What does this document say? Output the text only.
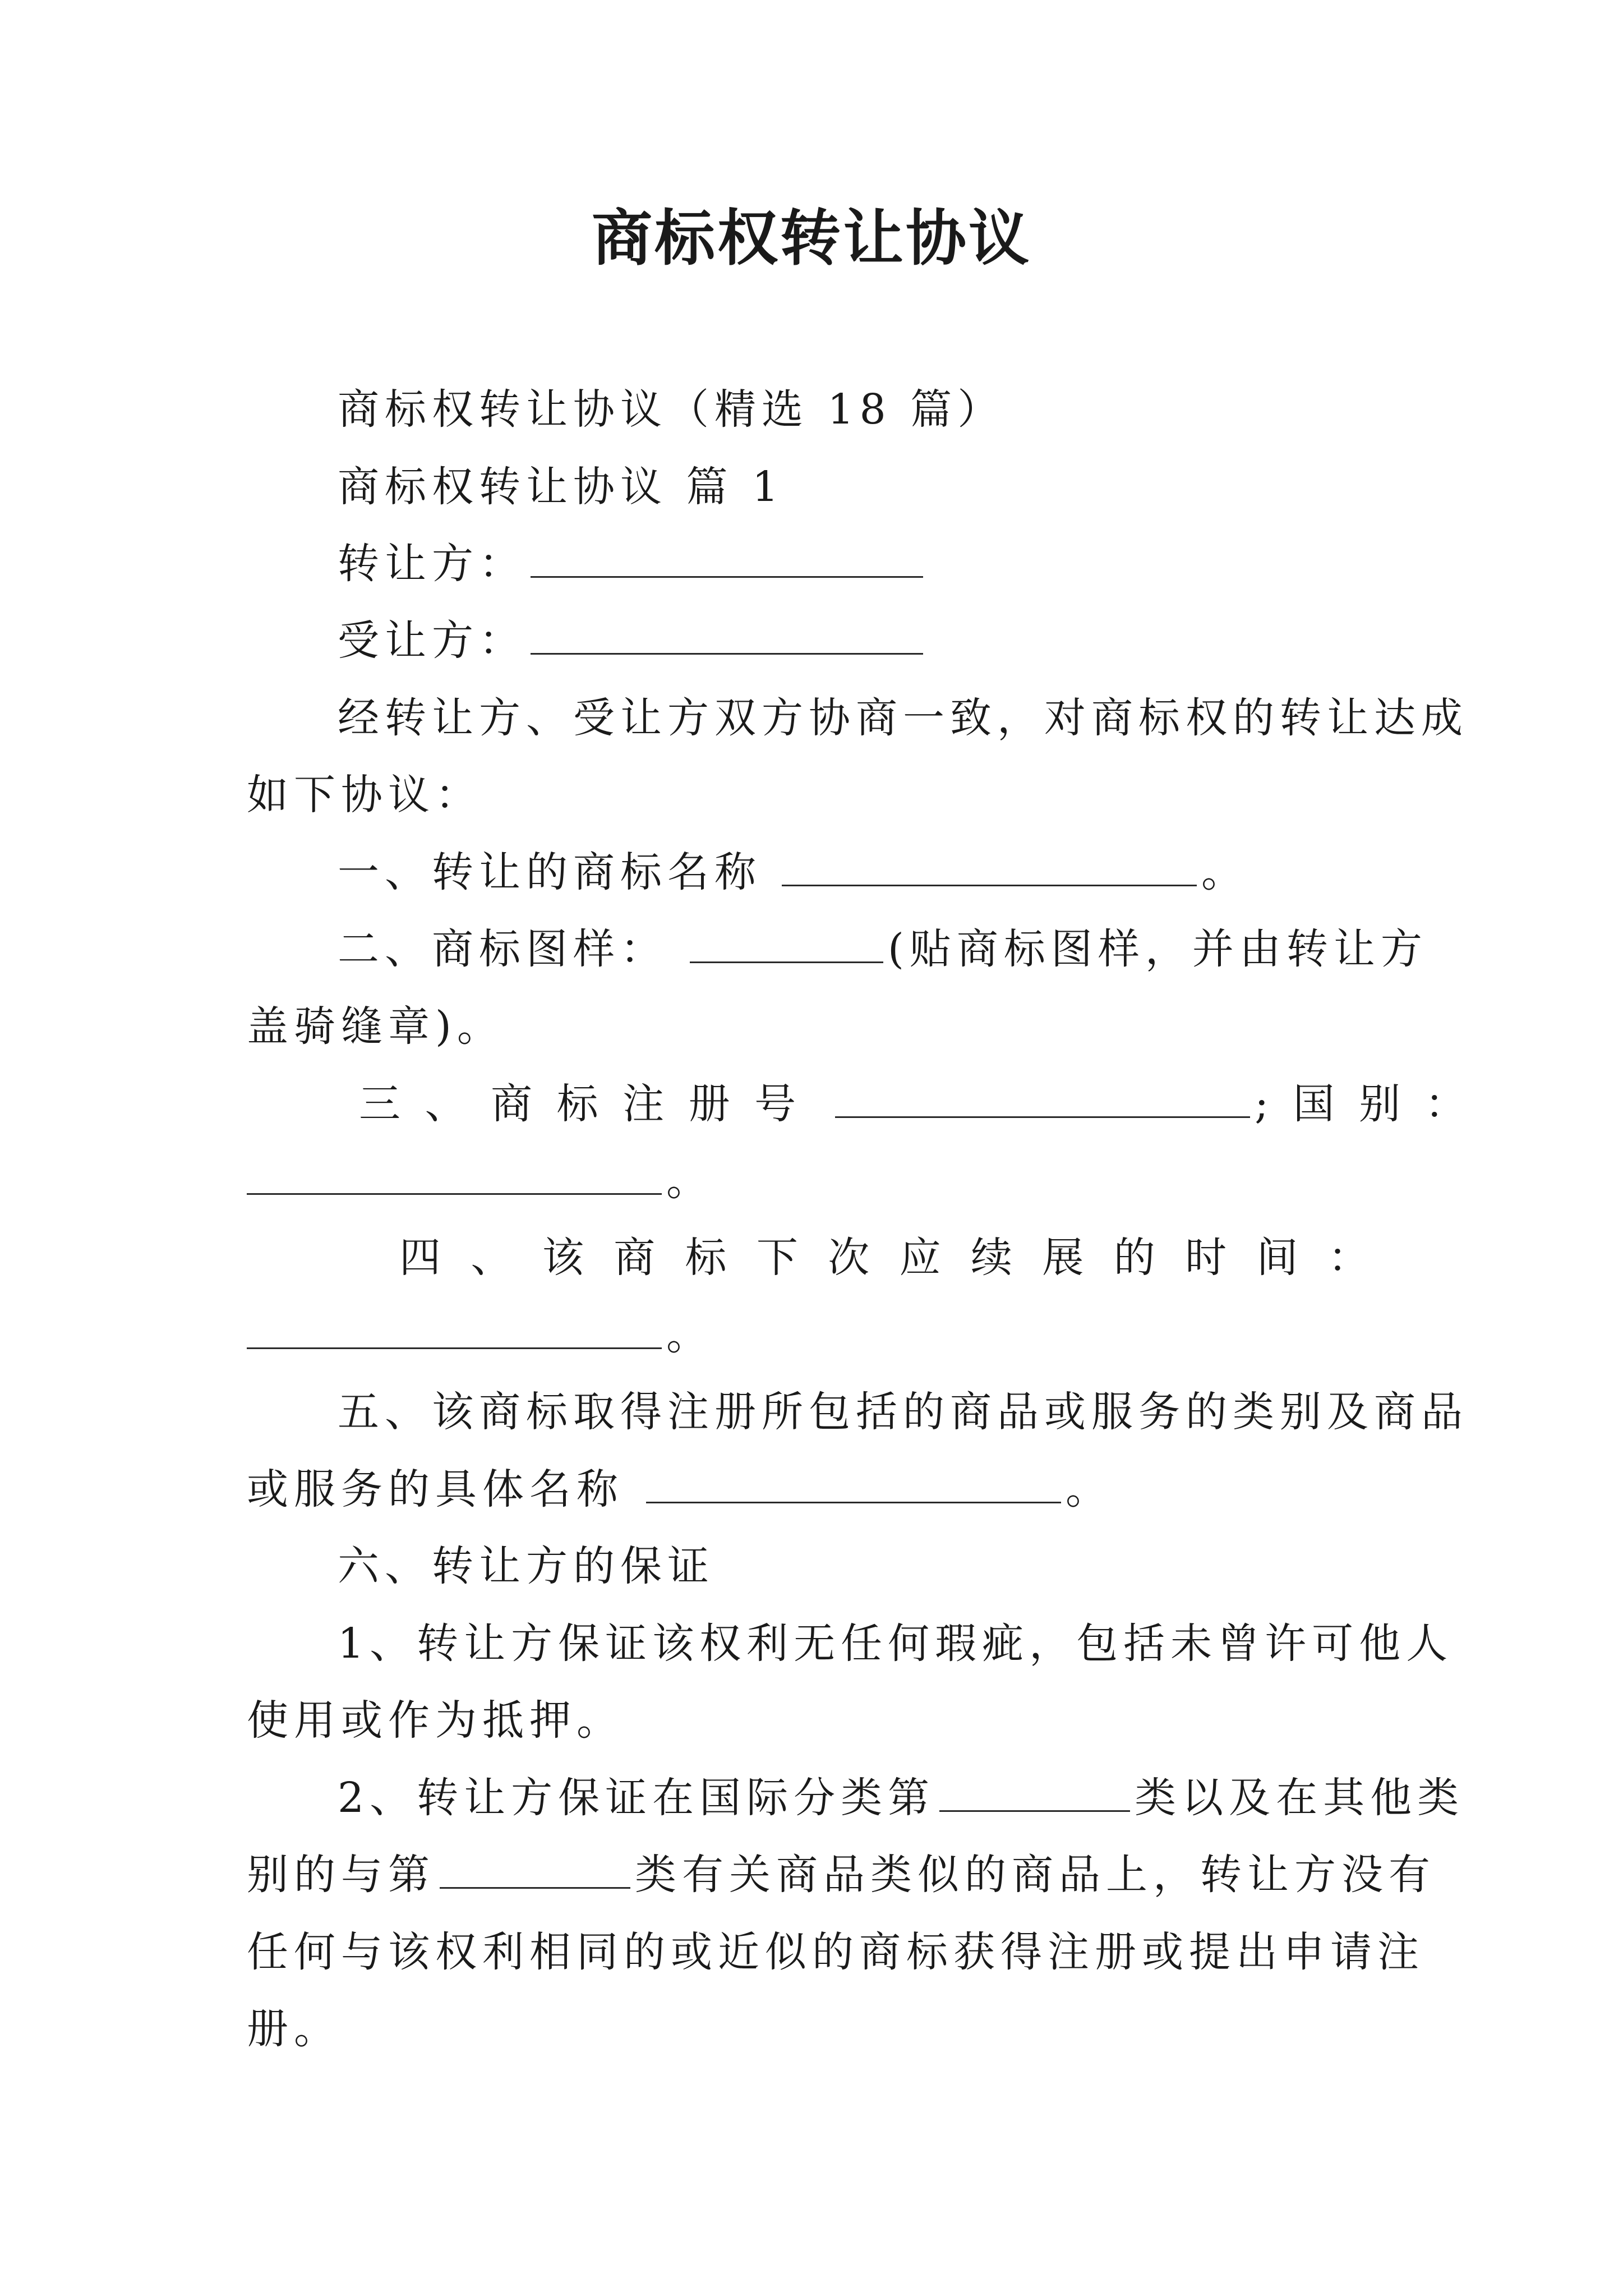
商标权转让协议
商标权转让协议（精选 18 篇）
商标权转让协议 篇 1
转让方：
受让方：
经转让方、受让方双方协商一致，对商标权的转让达成
如下协议：
一、转让的商标名称	。
二、商标图样：	(贴商标图样，并由转让方
盖骑缝章)。
三 、 商 标 注 册 号	; 国 别 ：
。
四 、 该 商 标 下 次 应 续 展 的 时 间 ：
。
五、该商标取得注册所包括的商品或服务的类别及商品
或服务的具体名称	。
六、转让方的保证
1、转让方保证该权利无任何瑕疵，包括未曾许可他人
使用或作为抵押。
2、转让方保证在国际分类第	类以及在其他类
别的与第	类有关商品类似的商品上，转让方没有
任何与该权利相同的或近似的商标获得注册或提出申请注
册。
